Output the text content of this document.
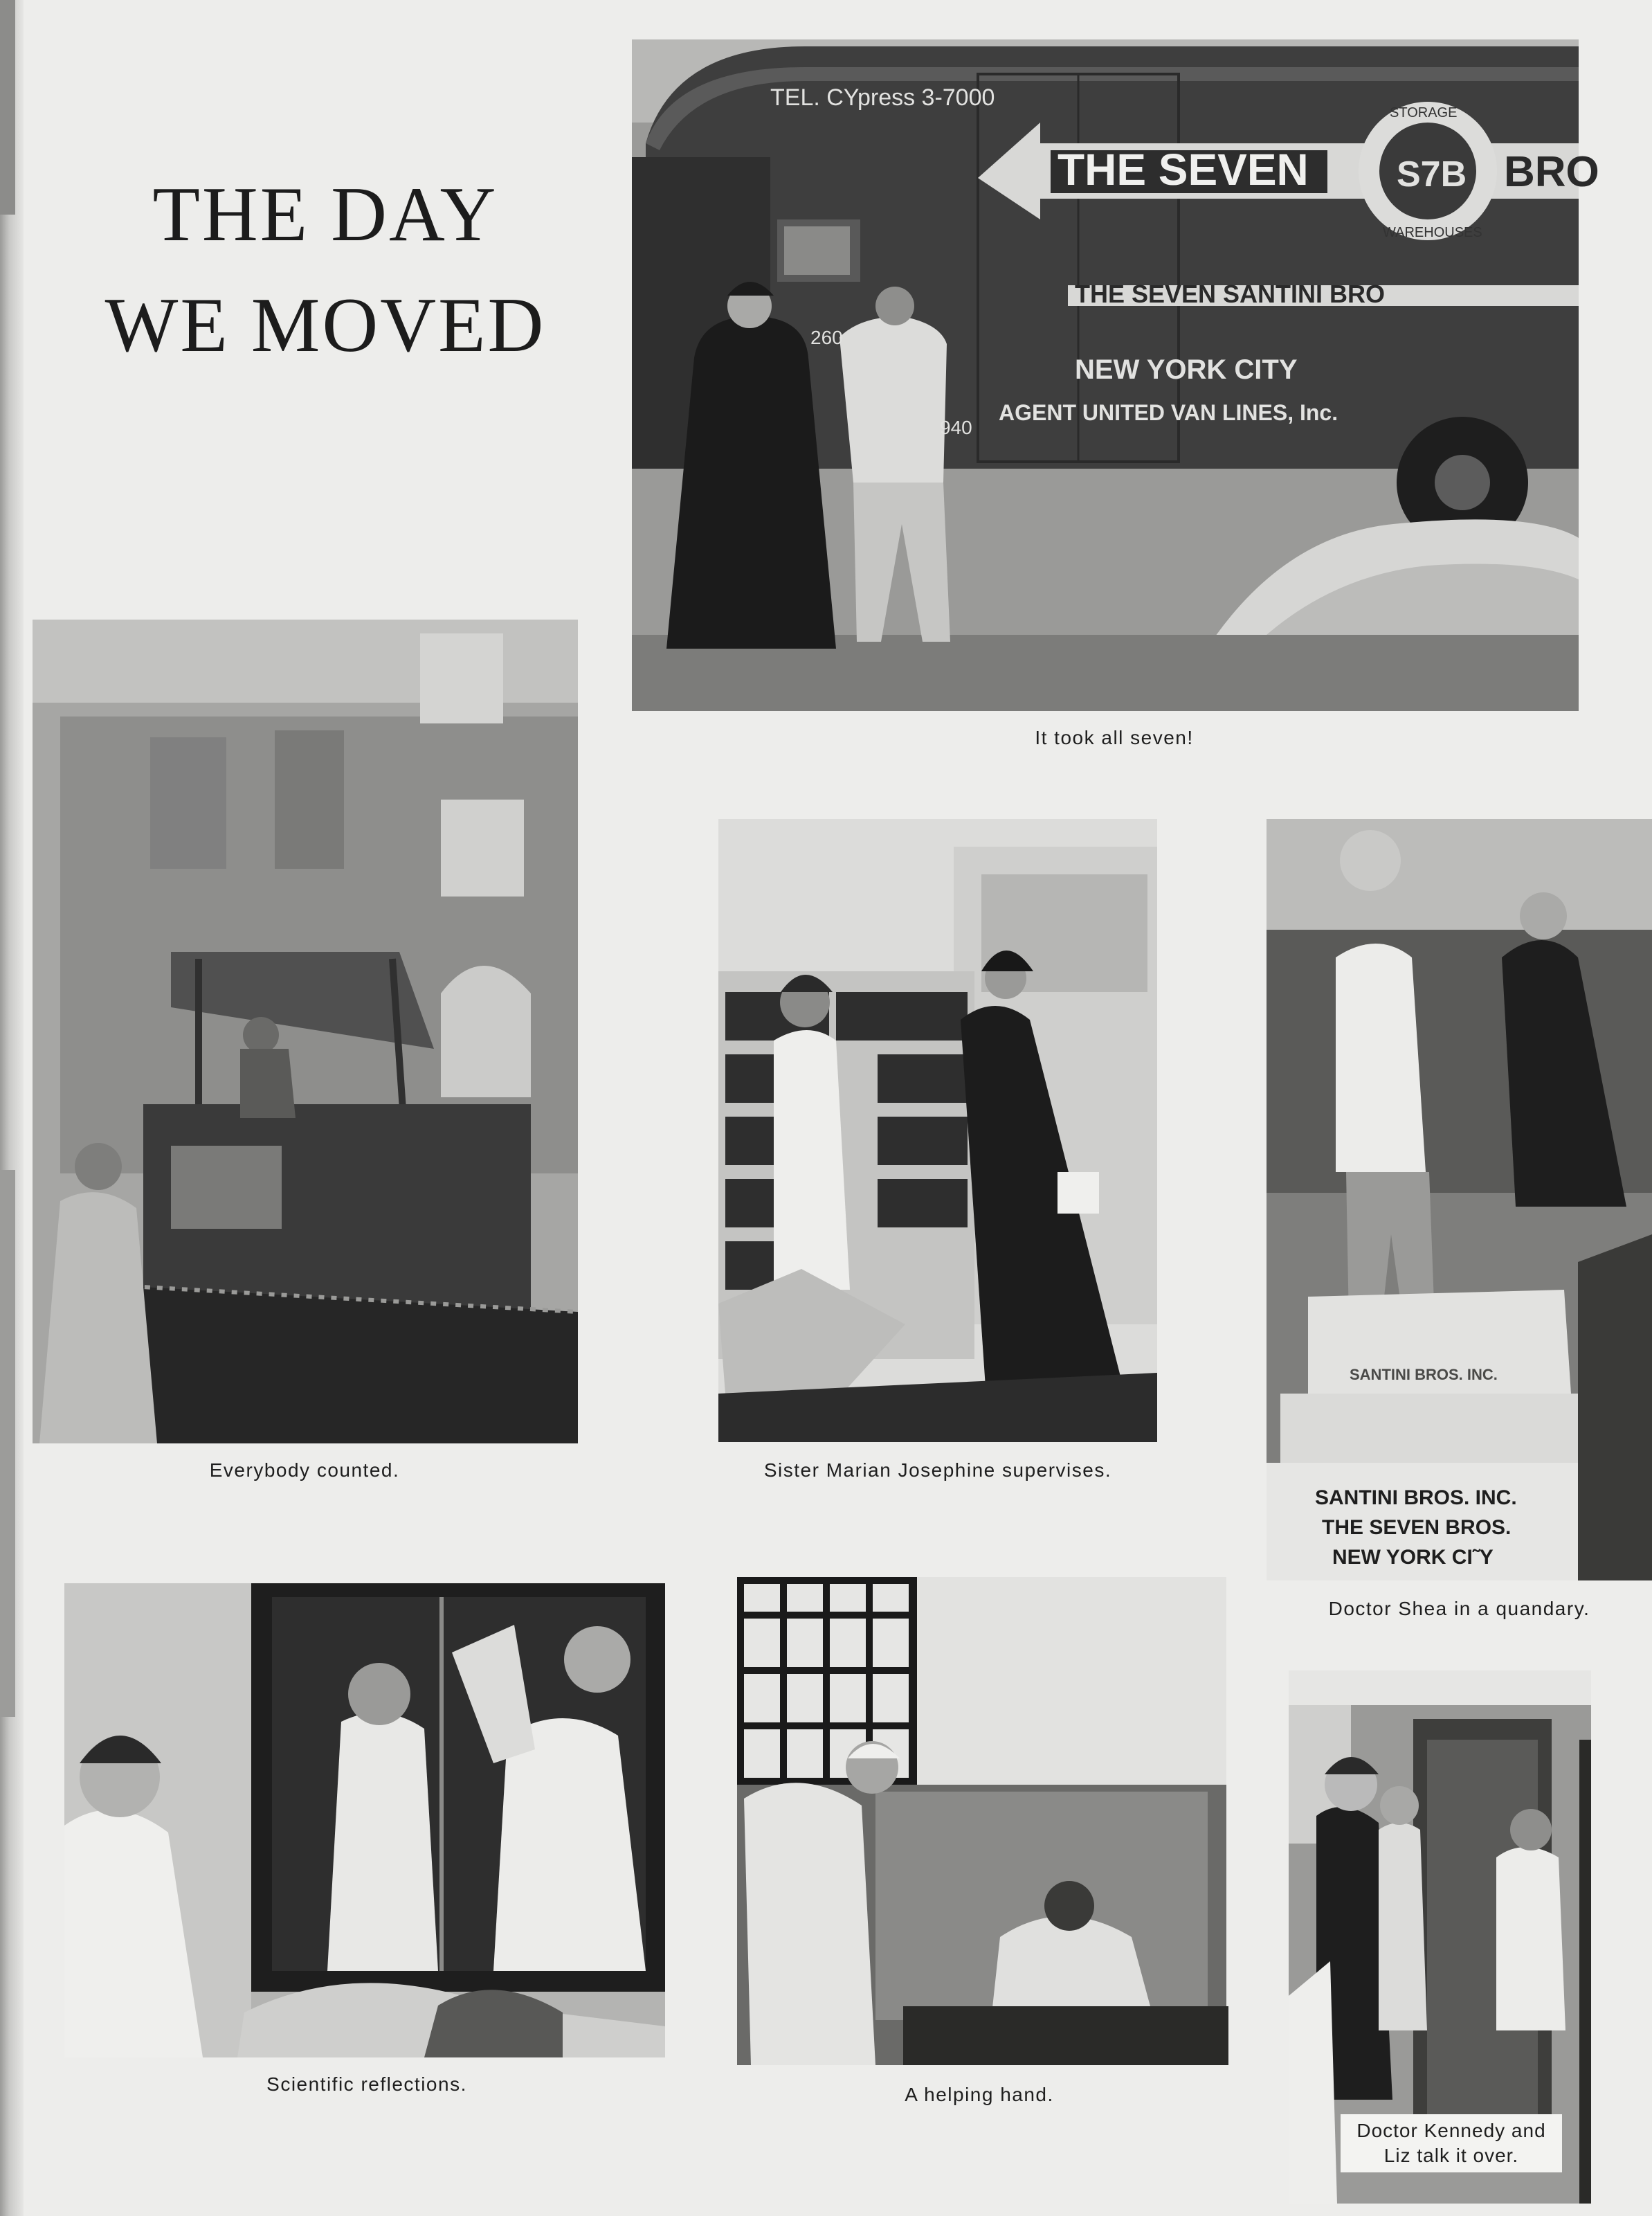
THE DAY
WE MOVED
TEL. CYpress 3-7000
THE SEVEN	BRO
S7B
STORAGE
WAREHOUSES
THE SEVEN SANTINI BRO
NEW YORK CITY
AGENT UNITED VAN LINES, Inc.
260
940
It took all seven!
Everybody counted.	Sister Marian Josephine supervises.
SANTINI BROS. INC.
SANTINI BROS. INC.
THE SEVEN BROS.
NEW YORK CI˜Y
Doctor Shea in a quandary.
Scientific reflections.	A helping hand.
Doctor Kennedy and
Liz talk it over.
